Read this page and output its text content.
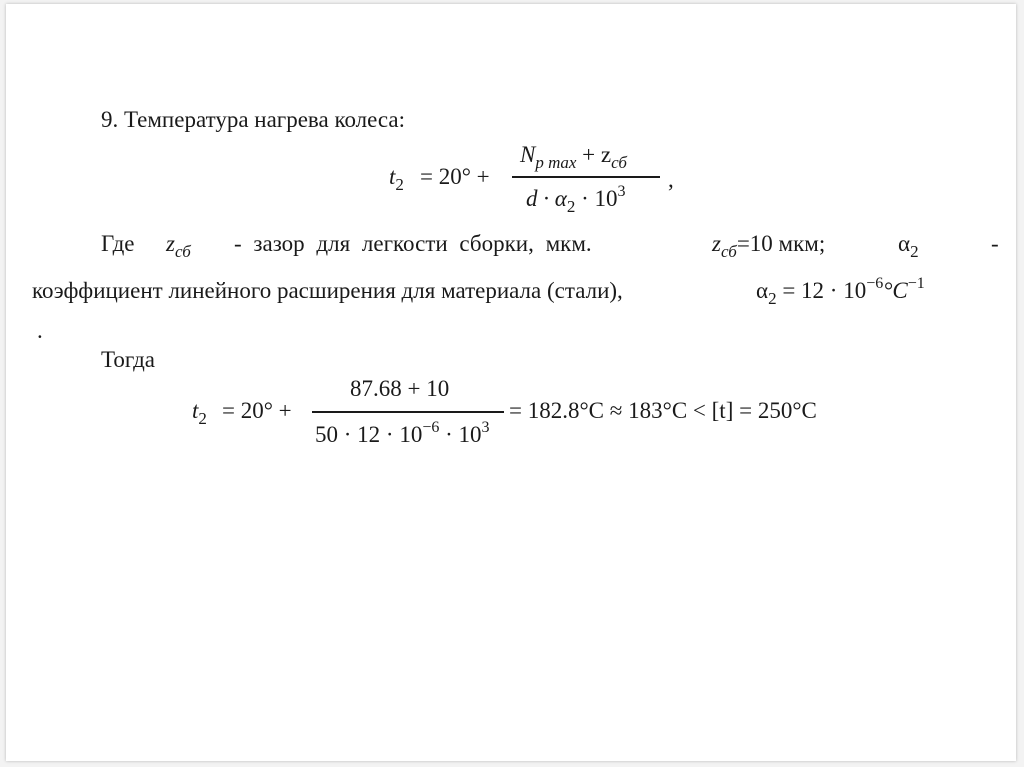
9. Температура нагрева колеса:
$t_2 = 20^\circ$ +
$N_{p max} + z_{сб}$
$d \cdot \alpha_2 \cdot 10^3$ ,
Где $z_{сб}$ - зазор для легкости сборки, мкм.	$z_{сб}=10$ мкм;	$\alpha_2$	-
коэффициент линейного расширения для материала (стали),	$\alpha_2 = 12 \cdot 10^{-6}^\circ C^{-1}$
.
Тогда
$t_2 = 20^\circ$ +
87.68 + 10
$50 \cdot 12 \cdot 10^{-6} \cdot 10^3$
= 182.8°C ≈ 183°C < [t] = 250°C
